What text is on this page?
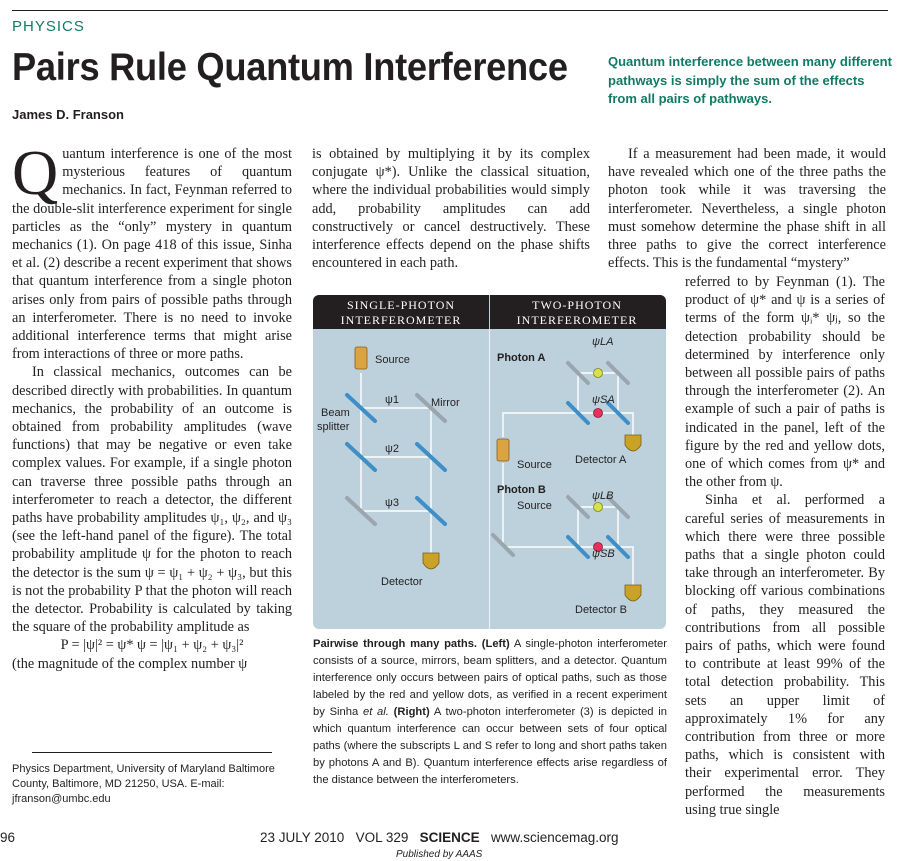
PHYSICS
Pairs Rule Quantum Interference	Quantum interference between many different pathways is simply the sum of the effects from all pairs of pathways.
James D. Franson

Quantum interference is one of the most mysterious features of quantum mechanics. In fact, Feynman referred to the double-slit interference experiment for single particles as the “only” mystery in quantum mechanics (1). On page 418 of this issue, Sinha et al. (2) describe a recent experiment that shows that quantum interference from a single photon arises only from pairs of possible paths through an interferometer. There is no need to invoke additional interference terms that might arise from interactions of three or more paths.

In classical mechanics, outcomes can be described directly with probabilities. In quantum mechanics, the probability of an outcome is obtained from probability amplitudes (wave functions) that may be negative or even take complex values. For example, if a single photon can traverse three possible paths through an interferometer to reach a detector, the different paths have probability amplitudes ψ₁, ψ₂, and ψ₃ (see the left-hand panel of the figure). The total probability amplitude ψ for the photon to reach the detector is the sum ψ = ψ₁ + ψ₂ + ψ₃, but this is not the probability P that the photon will reach the detector. Probability is calculated by taking the square of the probability amplitude as

P = |ψ|² = ψ* ψ = |ψ₁ + ψ₂ + ψ₃|²

(the magnitude of the complex number ψ

Physics Department, University of Maryland Baltimore County, Baltimore, MD 21250, USA. E-mail: jfranson@umbc.edu

is obtained by multiplying it by its complex conjugate ψ*). Unlike the classical situation, where the individual probabilities would simply add, probability amplitudes can add constructively or cancel destructively. These interference effects depend on the phase shifts encountered in each path.

SINGLE-PHOTON
INTERFEROMETER
TWO-PHOTON
INTERFEROMETER
Source
ψ1
ψ2
ψ3
Mirror
Beam
splitter
Detector
Photon A
ψLA
ψSA
Detector A
Source
Photon B
Source
ψLB
ψSB
Detector B
Pairwise through many paths. (Left) A single-photon interferometer consists of a source, mirrors, beam splitters, and a detector. Quantum interference only occurs between pairs of optical paths, such as those labeled by the red and yellow dots, as verified in a recent experiment by Sinha et al. (Right) A two-photon interferometer (3) is depicted in which quantum interference can occur between sets of four optical paths (where the subscripts L and S refer to long and short paths taken by photons A and B). Quantum interference effects arise regardless of the distance between the interferometers.

If a measurement had been made, it would have revealed which one of the three paths the photon took while it was traversing the interferometer. Nevertheless, a single photon must somehow determine the phase shift in all three paths to give the correct interference effects. This is the fundamental “mystery”

referred to by Feynman (1). The product of ψ* and ψ is a series of terms of the form ψᵢ* ψⱼ, so the detection probability should be determined by interference only between all possible pairs of paths through the interferometer (2). An example of such a pair of paths is indicated in the panel, left of the figure by the red and yellow dots, one of which comes from ψ* and the other from ψ.

Sinha et al. performed a careful series of measurements in which there were three possible paths that a single photon could take through an interferometer. By blocking off various combinations of paths, they measured the contributions from all possible pairs of paths, which were found to contribute at least 99% of the total detection probability. This sets an upper limit of approximately 1% for any contribution from three or more paths, which is consistent with their experimental error. They performed the measurements using true single

96	23 JULY 2010 VOL 329 SCIENCE www.sciencemag.org
Published by AAAS
